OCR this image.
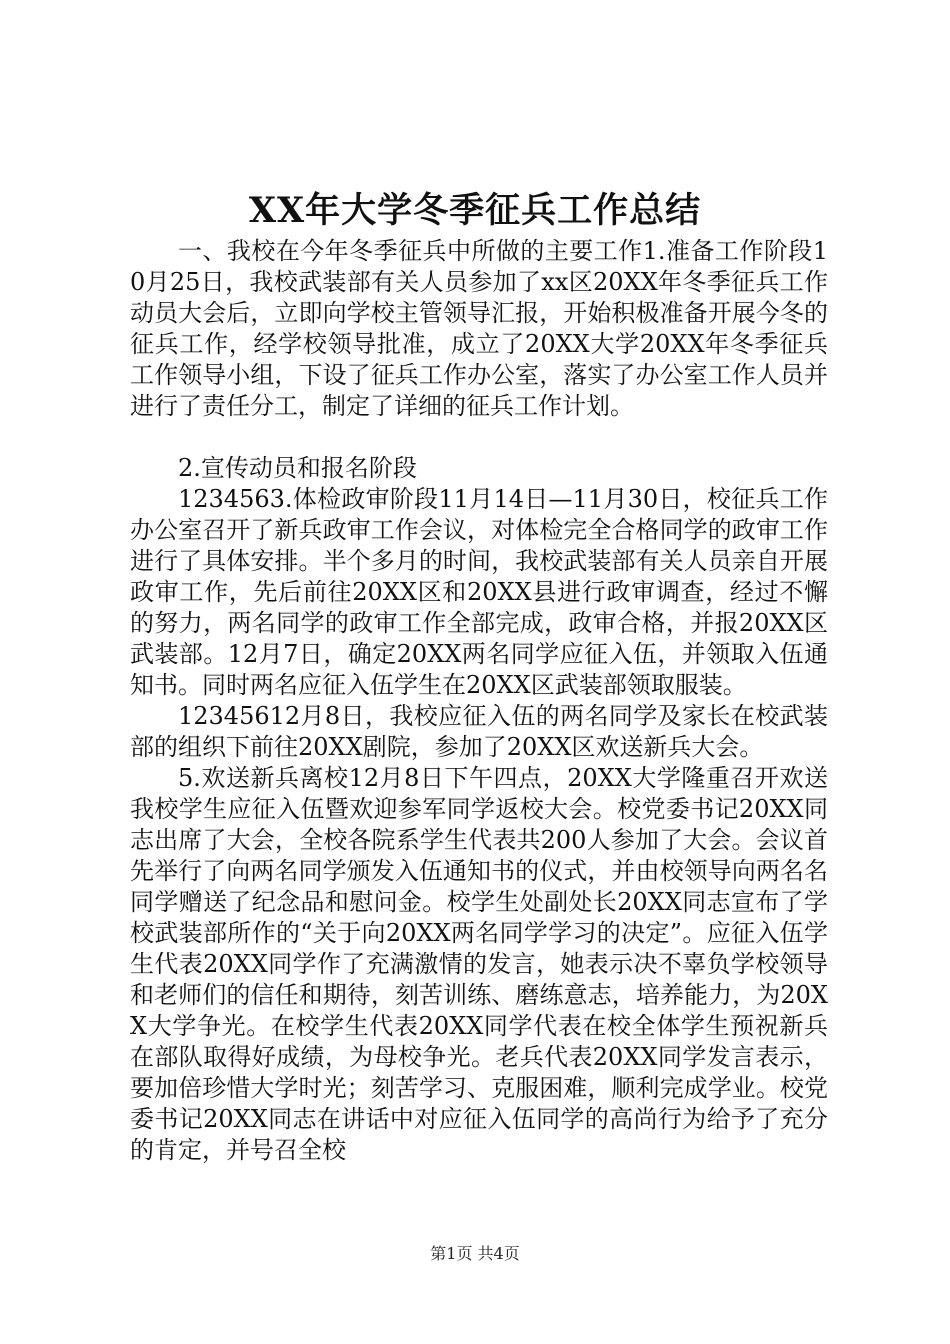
XX年大学冬季征兵工作总结

一、我校在今年冬季征兵中所做的主要工作1.准备工作阶段10月25日，我校武装部有关人员参加了xx区20XX年冬季征兵工作动员大会后，立即向学校主管领导汇报，开始积极准备开展今冬的征兵工作，经学校领导批准，成立了20XX大学20XX年冬季征兵工作领导小组，下设了征兵工作办公室，落实了办公室工作人员并进行了责任分工，制定了详细的征兵工作计划。

2.宣传动员和报名阶段

1234563.体检政审阶段11月14日—11月30日，校征兵工作办公室召开了新兵政审工作会议，对体检完全合格同学的政审工作进行了具体安排。半个多月的时间，我校武装部有关人员亲自开展政审工作，先后前往20XX区和20XX县进行政审调查，经过不懈的努力，两名同学的政审工作全部完成，政审合格，并报20XX区武装部。12月7日，确定20XX两名同学应征入伍，并领取入伍通知书。同时两名应征入伍学生在20XX区武装部领取服装。

12345612月8日，我校应征入伍的两名同学及家长在校武装部的组织下前往20XX剧院，参加了20XX区欢送新兵大会。

5.欢送新兵离校12月8日下午四点，20XX大学隆重召开欢送我校学生应征入伍暨欢迎参军同学返校大会。校党委书记20XX同志出席了大会，全校各院系学生代表共200人参加了大会。会议首先举行了向两名同学颁发入伍通知书的仪式，并由校领导向两名名同学赠送了纪念品和慰问金。校学生处副处长20XX同志宣布了学校武装部所作的“关于向20XX两名同学学习的决定”。应征入伍学生代表20XX同学作了充满激情的发言，她表示决不辜负学校领导和老师们的信任和期待，刻苦训练、磨练意志，培养能力，为20XX大学争光。在校学生代表20XX同学代表在校全体学生预祝新兵在部队取得好成绩，为母校争光。老兵代表20XX同学发言表示，要加倍珍惜大学时光；刻苦学习、克服困难，顺利完成学业。校党委书记20XX同志在讲话中对应征入伍同学的高尚行为给予了充分的肯定，并号召全校

第1页 共4页
